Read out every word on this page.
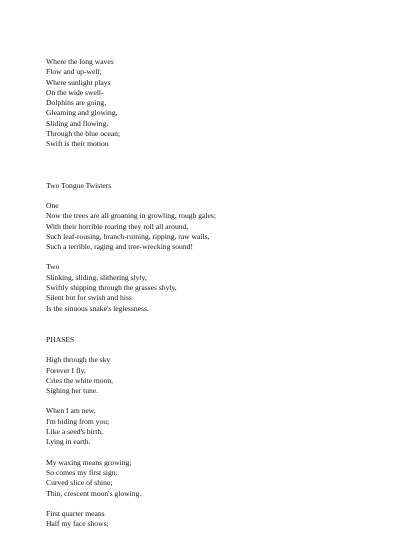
Where the long waves
Flow and up-well;
Where sunlight plays
On the wide swell-
Dolphins are going,
Gleaming and glowing,
Sliding and flowing,
Through the blue ocean;
Swift is their motion
Two Tongue Twisters
One
Now the trees are all groaning in growling, rough gales;
With their horrible roaring they roll all around,
Such leaf-rousing, branch-ruining, ripping, raw wails,
Such a terrible, raging and tree-wrecking sound!
Two
Slinking, sliding, slithering slyly,
Swiftly shipping through the grasses shyly,
Silent but for swish and hiss
Is the sinuous snake's leglessness.
PHASES
High through the sky
Forever I fly,
Cries the white moon,
Sighing her tune.
When I am new,
I'm hiding from you;
Like a seed's birth,
Lying in earth.
My waxing means growing;
So comes my first sign:
Curved slice of shine;
Thin, crescent moon's glowing.
First quarter means
Half my face shows;
